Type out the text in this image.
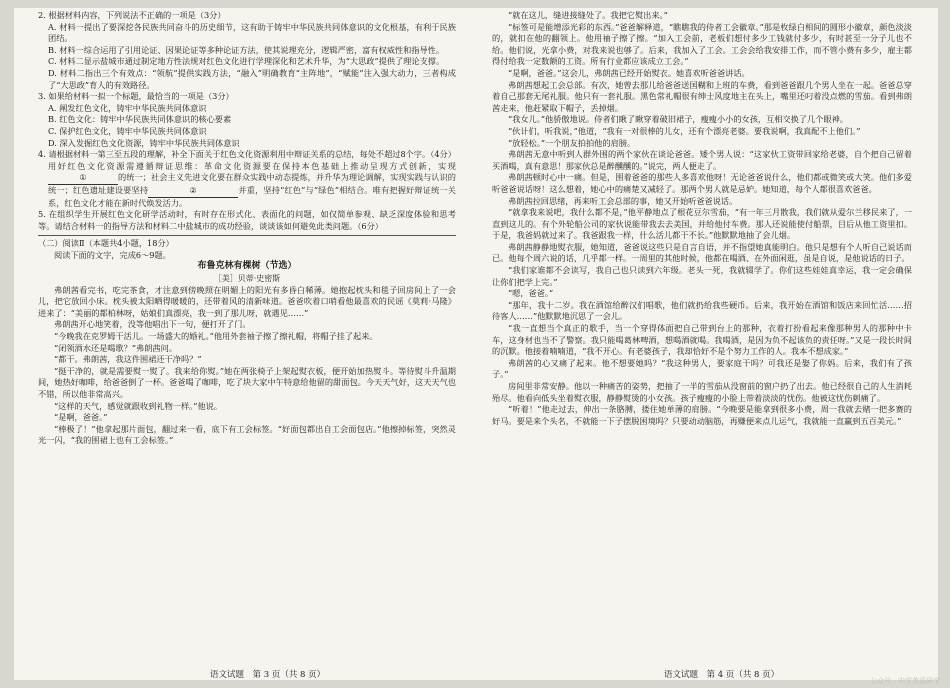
2. 根据材料内容，下列说法不正确的一项是（3分）

A. 材料一提出了要深挖各民族共同奋斗的历史细节，这有助于铸牢中华民族共同体意识的文化根基，有利于民族团结。

B. 材料一综合运用了引用论证、因果论证等多种论证方法，使其说理充分，逻辑严密，富有权威性和指导性。

C. 材料二显示盐城市通过制定地方性法规对红色文化进行学理深化和艺术升华，为“大思政”提供了理论支撑。

D. 材料二指出三个有效点：“领航”提供实践方法，“融入”明确教育“主阵地”，“赋能”注入强大动力，三者构成了“大思政”育人的有效路径。

3. 如果给材料一拟一个标题，最恰当的一项是（3分）

A. 阐发红色文化，铸牢中华民族共同体意识

B. 红色文化：铸牢中华民族共同体意识的核心要素

C. 保护红色文化，铸牢中华民族共同体意识

D. 深入发掘红色文化资源，铸牢中华民族共同体意识

4. 请根据材料一第三至五段的理解，补全下面关于红色文化资源利用中辩证关系的总结，每处不超过8个字。（4分）

用好红色文化资源需遵循辩证思维：革命文化资源要在保持本色基础上推动呈现方式创新，实现①	的统一；社会主义先进文化要在群众实践中动态提炼，并升华为理论调解，实现实践与认识的统一；红色遗址建设要坚持	②	并重，坚持“红色”与“绿色”相结合。唯有把握好辩证统一关系，红色文化才能在新时代焕发活力。

5. 在组织学生开展红色文化研学活动时，有时存在形式化、表面化的问题，如仅简单参观、缺乏深度体验和思考等。请结合材料一的指导方法和材料二中盐城市的成功经验，谈谈该如何避免此类问题。（6分）

（二）阅读Ⅱ（本题共4小题，18分）

阅读下面的文字，完成6～9题。

布鲁克林有棵树（节选）

［美］贝蒂·史密斯

弗朗茜看完书，吃完茶食，才注意到傍晚照在明媚上的阳光有多昏白稀薄。她抱起枕头和毯子回房间上了一会儿，把它放回小床。枕头被太阳晒得暖暖的，还带着风的清新味道。爸爸吹着口哨看他最喜欢的民谣《莫莉·马隆》进来了：“美丽的都柏林呀，姑娘们真漂亮，我一到了那儿呀，就遇见……”

弗朗茜开心地笑着，没等他唱出下一句，便打开了门。

“今晚我在克罗姆干活儿。一场盛大的婚礼。”他用外套袖子擦了擦礼帽，将帽子挂了起来。

“闭领酒水还是喝歌？”弗朗茜问。

“都干。弗朗茜，我这件围裙还干净吗？”

“挺干净的，就是需要熨一熨了。我来给你熨。”她在两张椅子上架起熨衣板，便开始加热熨斗。等待熨斗升温期间，她热好咖啡，给爸爸倒了一杯。爸爸喝了咖啡，吃了块大家中午特意给他留的甜面包。今天天气好，这天天气也不错，所以他非常高兴。

“这样的天气，感觉就跟收到礼物一样。”他说。

“是啊，爸爸。”

“棒极了！”他拿起那片面包，翻过来一看，底下有工会标签。“好面包都出自工会面包店。”他擦掉标签，突然灵光一闪，“我的围裙上也有工会标签。”

“就在这儿，缝进接缝处了。我把它熨出来。”

“标签可是能增添光彩的东西。”爸爸解释道，“瞧瞧我的侍者工会徽章。”那是枚绿白相间的圆形小徽章，颜色淡淡的，就扣在他的翻领上。他用袖子擦了擦。“加入工会前，老板们想付多少工钱就付多少，有时甚至一分子儿也不给。他们说，光拿小费，对我来说也够了。后来，我加入了工会。工会会给我安排工作，而不管小费有多少，雇主都得付给我一定数额的工资。所有行业都应该成立工会。”

“是啊，爸爸。”这会儿，弗朗茜已经开始熨衣。她喜欢听爸爸讲话。

弗朗茜想起工会总部。有次，她曾去那儿给爸爸送国糊和上班的车费，看到爸爸跟几个男人坐在一起。爸爸总穿着自己那套无尾礼服。他只有一套礼服。黑色常礼帽很有绅士风度地主在头上，嘴里还叼着没点燃的雪茄。看到弗朗茜走来，他赶紧取下帽子，丢掉烟。

“我女儿。”他骄傲地说。侍者们瞅了瞅穿着破旧裙子，瘦瘦小小的女孩，互相交换了几个眼神。

“伙计们，听我说，”他道，“我有一对很棒的儿女，还有个漂亮老婆。要我说啊，我真配不上他们。”

“放轻松。”一个朋友拍拍他的肩膀。

弗朗茜无意中听到人群外围的两个家伙在谈论爸爸。矮个男人说：“这家伙工资带回家给老婆，自个把自己留着买酒喝，真有意思！那家伙总是醉醺醺的。”说完，两人便走了。

弗朗茜顿时心中一痛。但是，围着爸爸的那些人多喜欢他呀！无论爸爸说什么，他们都或微笑或大笑。他们多爱听爸爸说话呀！这么想着，她心中的痛楚又减轻了。那两个男人就是忌妒。她知道，每个人都很喜欢爸爸。

弗朗茜拉回思绪，再来听工会总部的事，她又开始听爸爸说话。

“就拿我来说吧，我什么都不是，”他平静地点了根花豆尔雪茄，“有一年三月散我，我们就从爱尔兰移民来了，一直到这儿的。有个外轮船公司的家伙说能带我去去美国，并给他付车费。那人还说能使付船票，目后从他工资里扣。于是，我爸妈就过来了。我爸跟我一样，什么活儿都干不长。”他默默地抽了会儿烟。

弗朗茜静静地熨衣服，她知道，爸爸说这些只是自言自语，并不指望她真能明白。他只是想有个人听自己说话而已。他每个周六说的话，几乎都一样。一周里的其他时候，他都在喝酒、在外面闲逛，虽是自说，是他说话的日子。

“我们家谁都不会读写，我自己也只读到六年级。老头一死，我就辍学了。你们这些娃娃真幸运，我一定会确保让你们把学上完。”

“嗯，爸爸。”

“那年，我十二岁。我在酒馆给醉汉们唱歌，他们就扔给我些硬币。后来，我开始在酒馆和饭店来回忙活……招待客人……”他默默地沉思了一会儿。

“我一直想当个真正的歌手，当一个穿得体面把自己带到台上的那种，衣着打扮看起来像那种男人的那种中卡车，这身材也当不了警察。我只能喝葛林啤酒，想喝酒就喝。我喝酒，是因为负不起该负的责任呀。”又是一段长时间的沉默。他接着喃喃道，“我不开心。有老婆孩子，我却恰好不是个努力工作的人。我本不想成家。”

弗朗茜的心又痛了起来。他不想要她吗？“我这种男人，要家庭干吗？可我还是娶了你妈。后来，我们有了孩子。”

房间里非常安静。他以一种痛苦的姿势，把抽了一半的雪茄从没窗前的窗户扔了出去。他已经很自己的人生消耗殆尽。他看向低头坐着熨衣服，静静熨烫的小女孩。孩子瘦瘦的小脸上带着淡淡的忧伤。他被这忧伤刺痛了。

“听着！”他走过去，伸出一条胳膊，搂住她单薄的肩膀。“今晚要是能拿到很多小费，周一我就去赌一把多赛的好马。要是来个头名，不就能一下子摆脱困境吗？只要动动脑筋，再赚便来点儿运气，我就能一直赢到五百美元。”

语文试题　第 3 页（共 8 页）	语文试题　第 4 页（共 8 页）
公众号 · 中学英语研学
